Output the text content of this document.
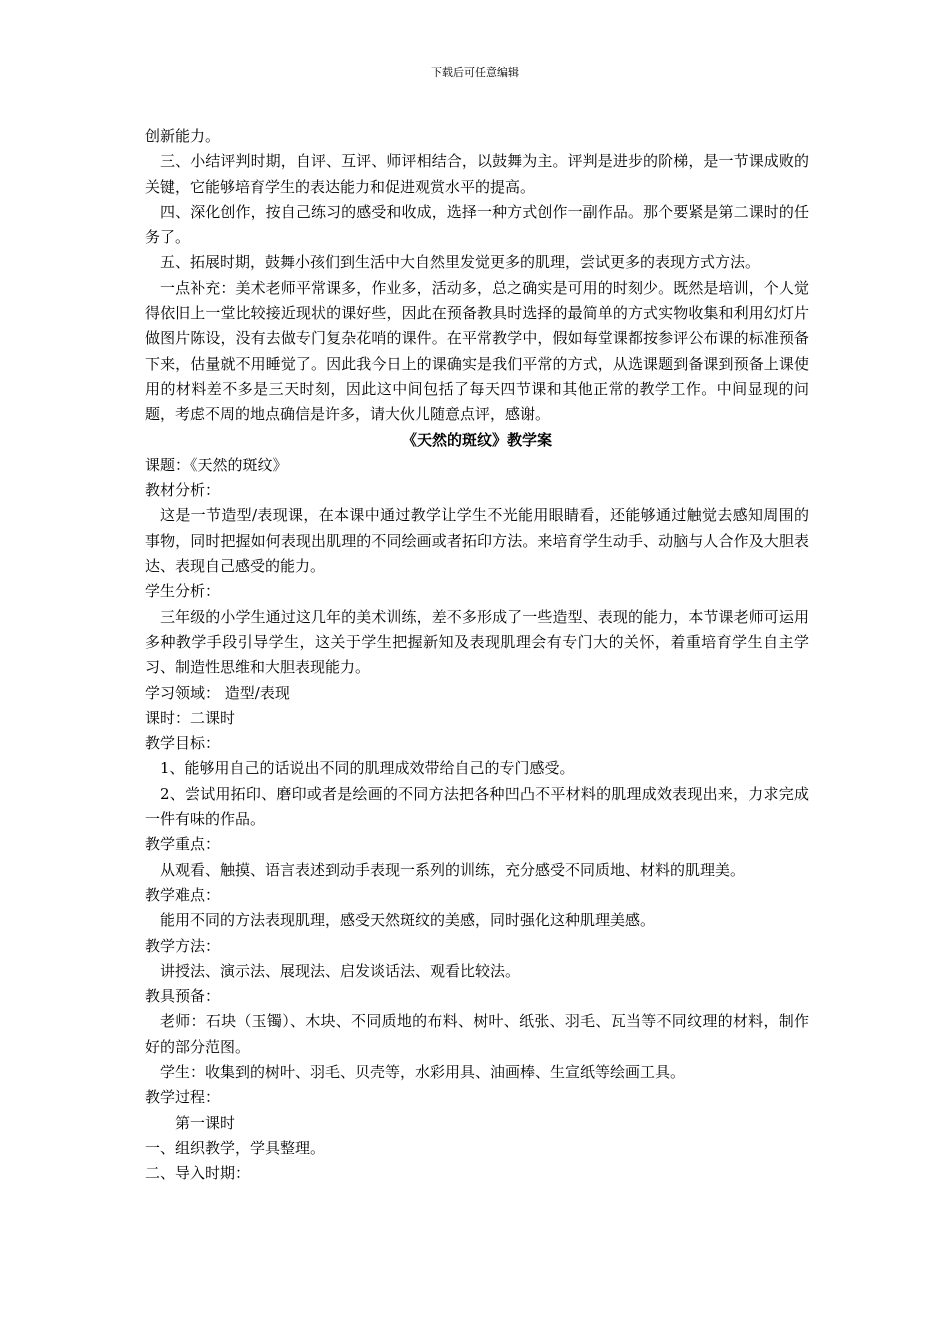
下载后可任意编辑

创新能力。

三、小结评判时期，自评、互评、师评相结合，以鼓舞为主。评判是进步的阶梯，是一节课成败的关键，它能够培育学生的表达能力和促进观赏水平的提高。

四、深化创作，按自己练习的感受和收成，选择一种方式创作一副作品。那个要紧是第二课时的任务了。

五、拓展时期，鼓舞小孩们到生活中大自然里发觉更多的肌理，尝试更多的表现方式方法。

一点补充：美术老师平常课多，作业多，活动多，总之确实是可用的时刻少。既然是培训，个人觉得依旧上一堂比较接近现状的课好些，因此在预备教具时选择的最简单的方式实物收集和利用幻灯片做图片陈设，没有去做专门复杂花哨的课件。在平常教学中，假如每堂课都按参评公布课的标准预备下来，估量就不用睡觉了。因此我今日上的课确实是我们平常的方式，从选课题到备课到预备上课使用的材料差不多是三天时刻，因此这中间包括了每天四节课和其他正常的教学工作。中间显现的问题，考虑不周的地点确信是许多，请大伙儿随意点评，感谢。

《天然的斑纹》教学案

课题：《天然的斑纹》

教材分析：

这是一节造型/表现课，在本课中通过教学让学生不光能用眼睛看，还能够通过触觉去感知周围的事物，同时把握如何表现出肌理的不同绘画或者拓印方法。来培育学生动手、动脑与人合作及大胆表达、表现自己感受的能力。

学生分析：

三年级的小学生通过这几年的美术训练，差不多形成了一些造型、表现的能力，本节课老师可运用多种教学手段引导学生，这关于学生把握新知及表现肌理会有专门大的关怀，着重培育学生自主学习、制造性思维和大胆表现能力。

学习领域： 造型/表现

课时：二课时

教学目标：

1、能够用自己的话说出不同的肌理成效带给自己的专门感受。

2、尝试用拓印、磨印或者是绘画的不同方法把各种凹凸不平材料的肌理成效表现出来，力求完成一件有味的作品。

教学重点：

从观看、触摸、语言表述到动手表现一系列的训练，充分感受不同质地、材料的肌理美。

教学难点：

能用不同的方法表现肌理，感受天然斑纹的美感，同时强化这种肌理美感。

教学方法：

讲授法、演示法、展现法、启发谈话法、观看比较法。

教具预备：

老师：石块（玉镯）、木块、不同质地的布料、树叶、纸张、羽毛、瓦当等不同纹理的材料，制作好的部分范图。

学生：收集到的树叶、羽毛、贝壳等，水彩用具、油画棒、生宣纸等绘画工具。

教学过程：

第一课时

一、组织教学，学具整理。

二、导入时期：
